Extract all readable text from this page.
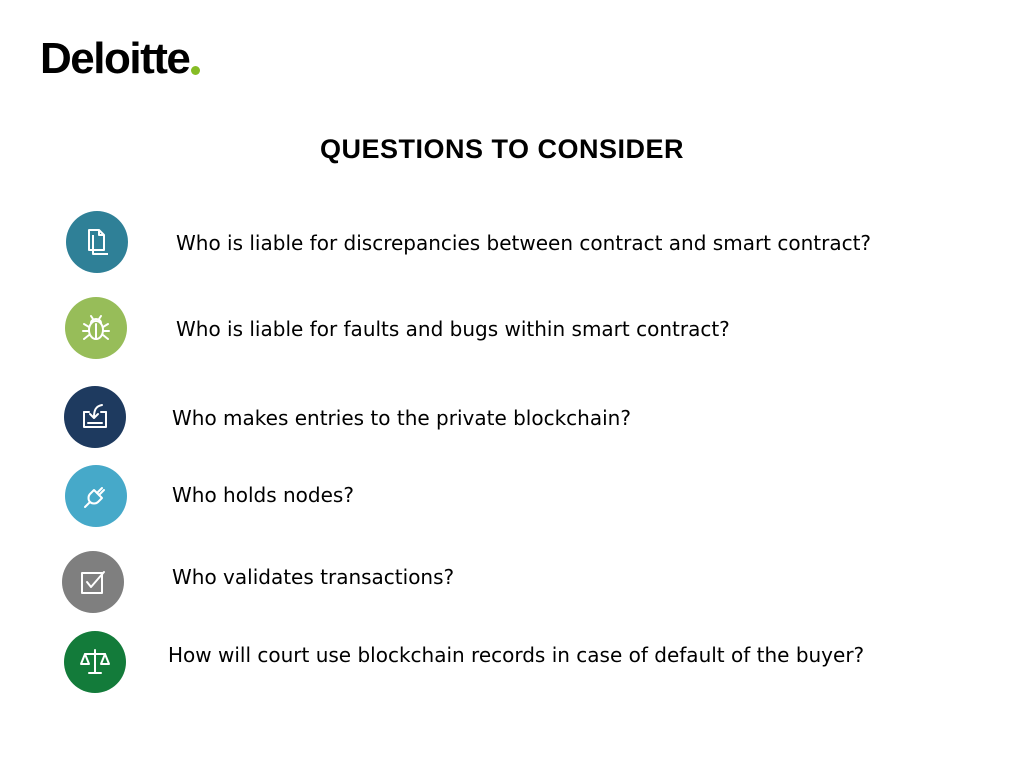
Deloitte
QUESTIONS TO CONSIDER
Who is liable for discrepancies between contract and smart contract?
Who is liable for faults and bugs within smart contract?
Who makes entries to the private blockchain?
Who holds nodes?
Who validates transactions?
How will court use blockchain records in case of default of the buyer?
